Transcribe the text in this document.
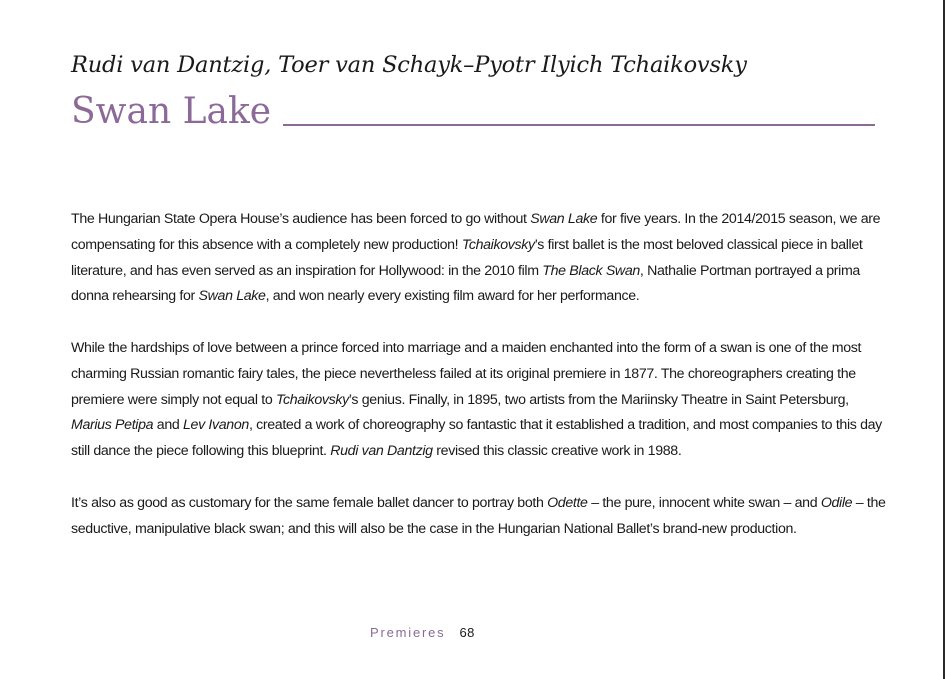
Rudi van Dantzig, Toer van Schayk–Pyotr Ilyich Tchaikovsky
Swan Lake

The Hungarian State Opera House’s audience has been forced to go without Swan Lake for five years. In the 2014/2015 season, we are compensating for this absence with a completely new production! Tchaikovsky’s first ballet is the most beloved classical piece in ballet literature, and has even served as an inspiration for Hollywood: in the 2010 film The Black Swan, Nathalie Portman portrayed a prima donna rehearsing for Swan Lake, and won nearly every existing film award for her performance.

While the hardships of love between a prince forced into marriage and a maiden enchanted into the form of a swan is one of the most charming Russian romantic fairy tales, the piece nevertheless failed at its original premiere in 1877. The choreographers creating the premiere were simply not equal to Tchaikovsky’s genius. Finally, in 1895, two artists from the Mariinsky Theatre in Saint Petersburg, Marius Petipa and Lev Ivanon, created a work of choreography so fantastic that it established a tradition, and most companies to this day still dance the piece following this blueprint. Rudi van Dantzig revised this classic creative work in 1988.

It’s also as good as customary for the same female ballet dancer to portray both Odette – the pure, innocent white swan – and Odile – the seductive, manipulative black swan; and this will also be the case in the Hungarian National Ballet’s brand-new production.

Premieres 68
